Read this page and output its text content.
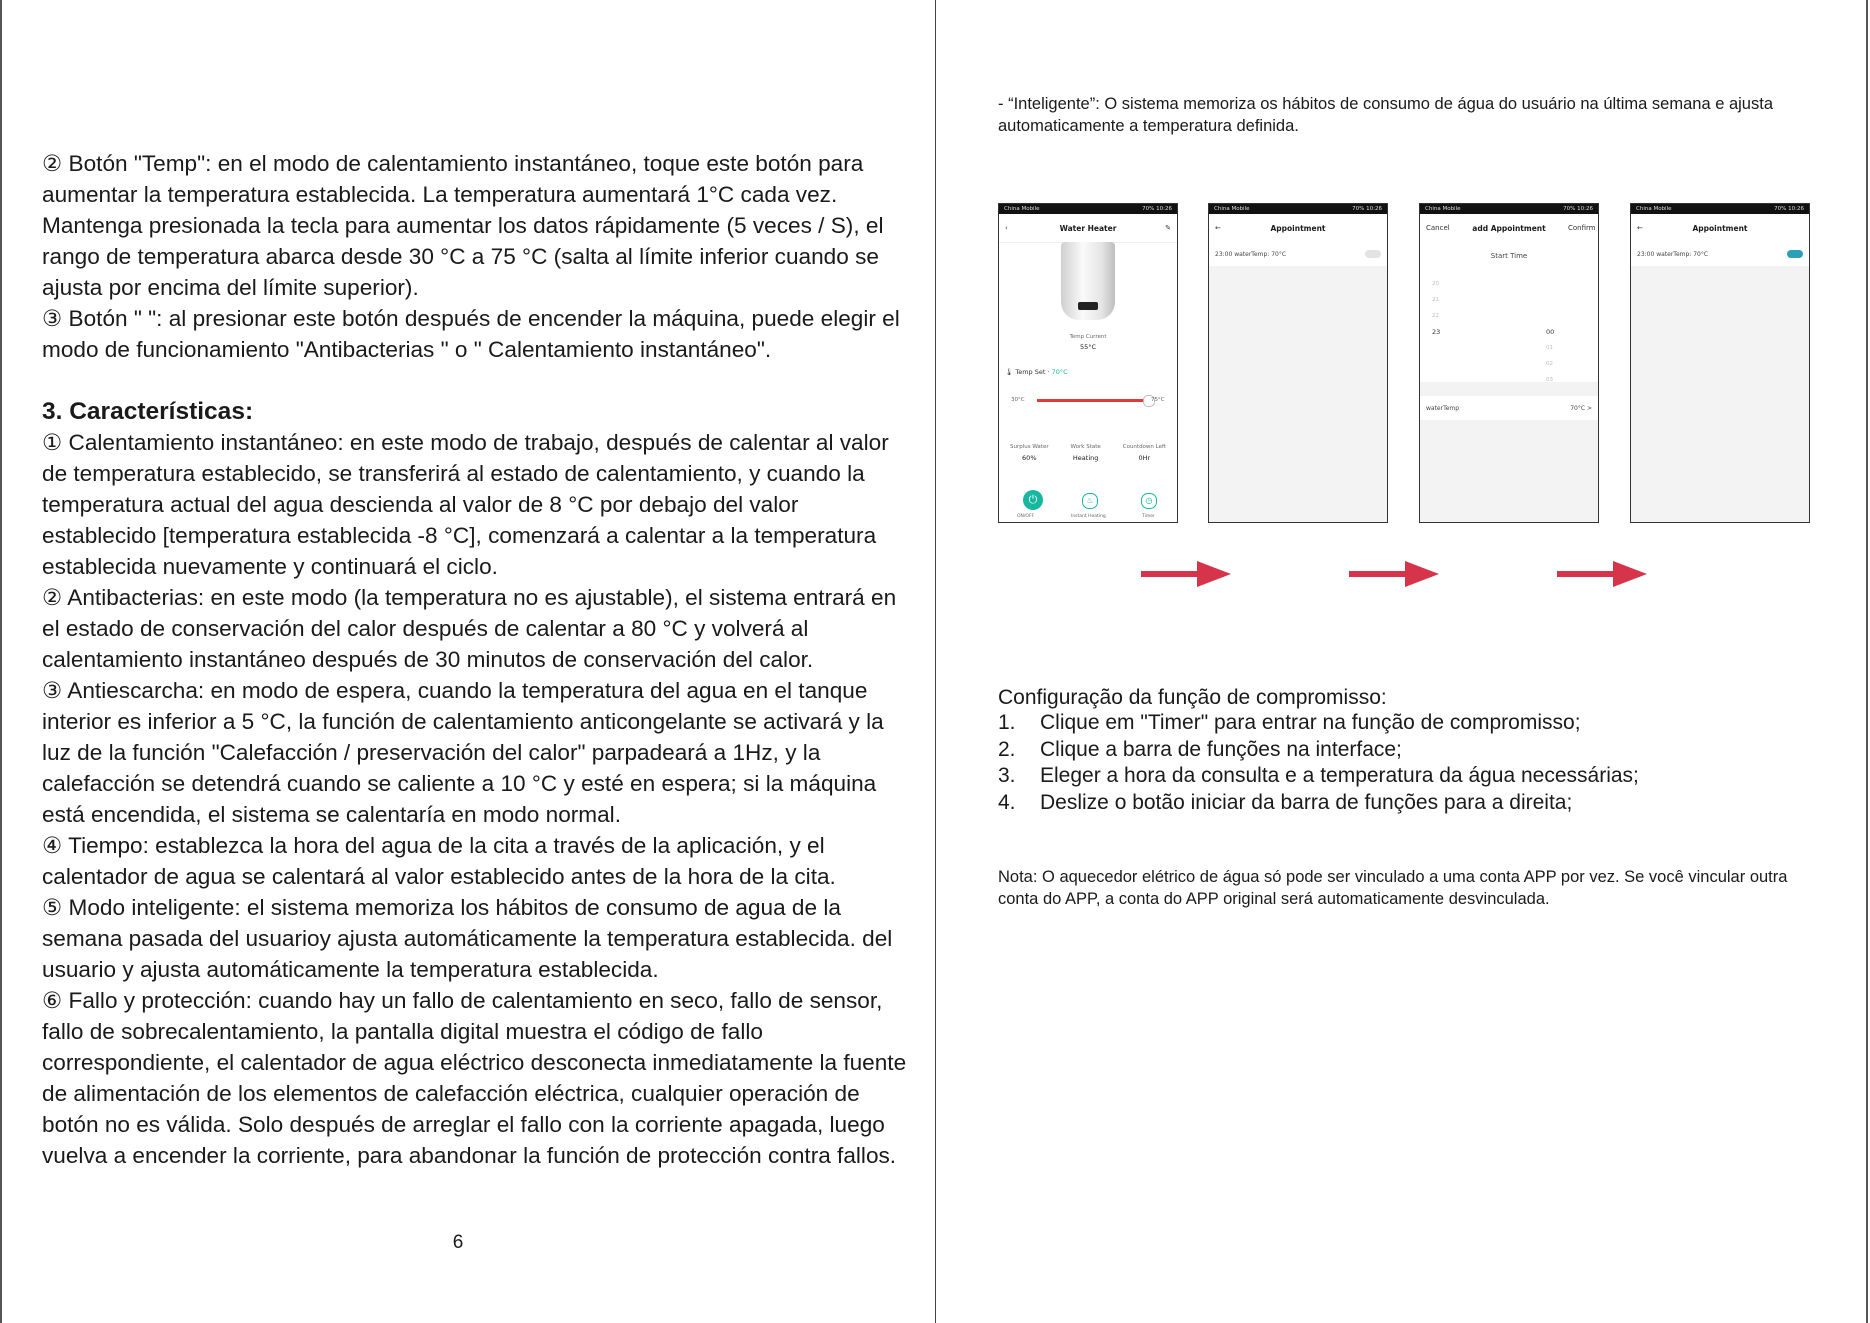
② Botón "Temp": en el modo de calentamiento instantáneo, toque este botón para aumentar la temperatura establecida. La temperatura aumentará 1°C cada vez. Mantenga presionada la tecla para aumentar los datos rápidamente (5 veces / S), el rango de temperatura abarca desde 30 °C a 75 °C (salta al límite inferior cuando se ajusta por encima del límite superior).

③ Botón " ": al presionar este botón después de encender la máquina, puede elegir el modo de funcionamiento "Antibacterias " o " Calentamiento instantáneo".

3. Características:

① Calentamiento instantáneo: en este modo de trabajo, después de calentar al valor de temperatura establecido, se transferirá al estado de calentamiento, y cuando la temperatura actual del agua descienda al valor de 8 °C por debajo del valor establecido [temperatura establecida -8 °C], comenzará a calentar a la temperatura establecida nuevamente y continuará el ciclo.

② Antibacterias: en este modo (la temperatura no es ajustable), el sistema entrará en el estado de conservación del calor después de calentar a 80 °C y volverá al calentamiento instantáneo después de 30 minutos de conservación del calor.

③ Antiescarcha: en modo de espera, cuando la temperatura del agua en el tanque interior es inferior a 5 °C, la función de calentamiento anticongelante se activará y la luz de la función "Calefacción / preservación del calor" parpadeará a 1Hz, y la calefacción se detendrá cuando se caliente a 10 °C y esté en espera; si la máquina está encendida, el sistema se calentaría en modo normal.

④ Tiempo: establezca la hora del agua de la cita a través de la aplicación, y el calentador de agua se calentará al valor establecido antes de la hora de la cita.

⑤ Modo inteligente: el sistema memoriza los hábitos de consumo de agua de la semana pasada del usuarioy ajusta automáticamente la temperatura establecida. del usuario y ajusta automáticamente la temperatura establecida.

⑥ Fallo y protección: cuando hay un fallo de calentamiento en seco, fallo de sensor, fallo de sobrecalentamiento, la pantalla digital muestra el código de fallo correspondiente, el calentador de agua eléctrico desconecta inmediatamente la fuente de alimentación de los elementos de calefacción eléctrica, cualquier operación de botón no es válida. Solo después de arreglar el fallo con la corriente apagada, luego vuelva a encender la corriente, para abandonar la función de protección contra fallos.

6

- “Inteligente”: O sistema memoriza os hábitos de consumo de água do usuário na última semana e ajusta automaticamente a temperatura definida.

China Mobile	70% 10:26
‹	Water Heater	✎
Temp Current
55°C
🌡 Temp Set · 70°C
30°C	75°C
Surplus Water
60%
Work State
Heating
Countdown Left
0Hr
⏻	♨	◷
ON/OFF	Instant Heating	Timer
China Mobile	70% 10:26
←	Appointment
23:00 waterTemp: 70°C
China Mobile	70% 10:26
Cancel	add Appointment	Confirm
Start Time
20
21
22
23	00
01
02
03
waterTemp	70°C >
China Mobile	70% 10:26
←	Appointment
23:00 waterTemp: 70°C

Configuração da função de compromisso:

1.	Clique em "Timer" para entrar na função de compromisso;
2.	Clique a barra de funções na interface;
3.	Eleger a hora da consulta e a temperatura da água necessárias;
4.	Deslize o botão iniciar da barra de funções para a direita;

Nota: O aquecedor elétrico de água só pode ser vinculado a uma conta APP por vez. Se você vincular outra conta do APP, a conta do APP original será automaticamente desvinculada.
